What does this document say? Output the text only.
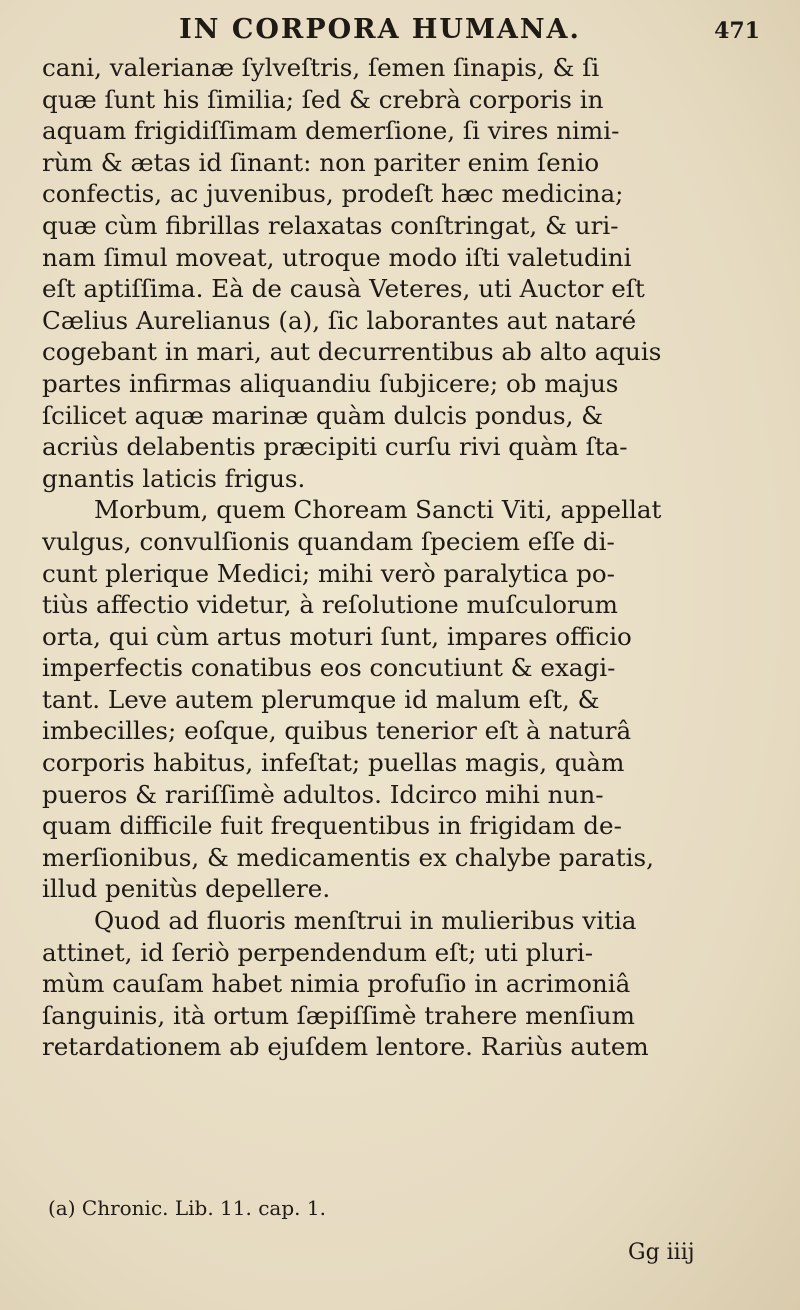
IN CORPORA HUMANA.	471
cani, valerianæ ſylveſtris, ſemen ſinapis, & ſi
quæ ſunt his ſimilia; ſed & crebrà corporis in
aquam frigidiſſimam demerſione, ſi vires nimi-
rùm & ætas id ſinant: non pariter enim ſenio
confectis, ac juvenibus, prodeſt hæc medicina;
quæ cùm fibrillas relaxatas conſtringat, & uri-
nam ſimul moveat, utroque modo iſti valetudini
eſt aptiſſima. Eà de causà Veteres, uti Auctor eſt
Cælius Aurelianus (a), ſic laborantes aut nataré
cogebant in mari, aut decurrentibus ab alto aquis
partes infirmas aliquandiu ſubjicere; ob majus
ſcilicet aquæ marinæ quàm dulcis pondus, &
acriùs delabentis præcipiti curſu rivi quàm ſta-
gnantis laticis frigus.
Morbum, quem Choream Sancti Viti, appellat
vulgus, convulſionis quandam ſpeciem eſſe di-
cunt plerique Medici; mihi verò paralytica po-
tiùs affectio videtur, à reſolutione muſculorum
orta, qui cùm artus moturi ſunt, impares officio
imperfectis conatibus eos concutiunt & exagi-
tant. Leve autem plerumque id malum eſt, &
imbecilles; eoſque, quibus tenerior eſt à naturâ
corporis habitus, infeſtat; puellas magis, quàm
pueros & rariſſimè adultos. Idcirco mihi nun-
quam difficile fuit frequentibus in frigidam de-
merſionibus, & medicamentis ex chalybe paratis,
illud penitùs depellere.
Quod ad fluoris menſtrui in mulieribus vitia
attinet, id ſeriò perpendendum eſt; uti pluri-
mùm cauſam habet nimia profuſio in acrimoniâ
ſanguinis, ità ortum ſæpiſſimè trahere menſium
retardationem ab ejuſdem lentore. Rariùs autem
(a) Chronic. Lib. 11. cap. 1.
Gg iiij
